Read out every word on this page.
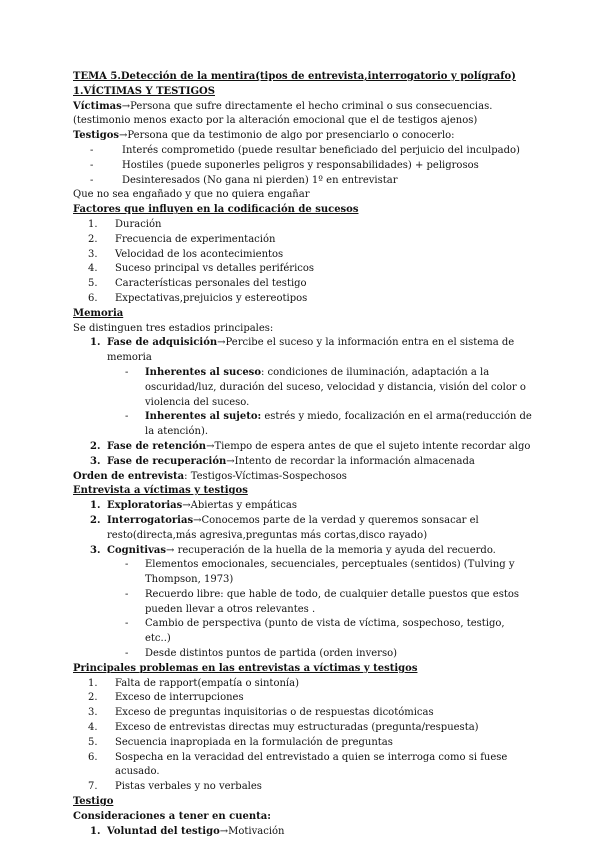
TEMA 5.Detección de la mentira(tipos de entrevista,interrogatorio y polígrafo)
1.VÍCTIMAS Y TESTIGOS
Víctimas→Persona que sufre directamente el hecho criminal o sus consecuencias. (testimonio menos exacto por la alteración emocional que el de testigos ajenos)
Testigos→Persona que da testimonio de algo por presenciarlo o conocerlo:
-	Interés comprometido (puede resultar beneficiado del perjuicio del inculpado)
-	Hostiles (puede suponerles peligros y responsabilidades) + peligrosos
-	Desinteresados (No gana ni pierden) 1º en entrevistar
Que no sea engañado y que no quiera engañar
Factores que influyen en la codificación de sucesos
1.	Duración
2.	Frecuencia de experimentación
3.	Velocidad de los acontecimientos
4.	Suceso principal vs detalles periféricos
5.	Características personales del testigo
6.	Expectativas,prejuicios y estereotipos
Memoria
Se distinguen tres estadios principales:
1. Fase de adquisición→Percibe el suceso y la información entra en el sistema de memoria
-	Inherentes al suceso: condiciones de iluminación, adaptación a la oscuridad/luz, duración del suceso, velocidad y distancia, visión del color o violencia del suceso.
-	Inherentes al sujeto: estrés y miedo, focalización en el arma(reducción de la atención).
2. Fase de retención→Tiempo de espera antes de que el sujeto intente recordar algo
3. Fase de recuperación→Intento de recordar la información almacenada
Orden de entrevista: Testigos-Víctimas-Sospechosos
Entrevista a víctimas y testigos
1. Exploratorias→Abiertas y empáticas
2. Interrogatorias→Conocemos parte de la verdad y queremos sonsacar el resto(directa,más agresiva,preguntas más cortas,disco rayado)
3. Cognitivas→ recuperación de la huella de la memoria y ayuda del recuerdo.
-	Elementos emocionales, secuenciales, perceptuales (sentidos) (Tulving y Thompson, 1973)
-	Recuerdo libre: que hable de todo, de cualquier detalle puestos que estos pueden llevar a otros relevantes .
-	Cambio de perspectiva (punto de vista de víctima, sospechoso, testigo, etc..)
-	Desde distintos puntos de partida (orden inverso)
Principales problemas en las entrevistas a víctimas y testigos
1.	Falta de rapport(empatía o sintonía)
2.	Exceso de interrupciones
3.	Exceso de preguntas inquisitorias o de respuestas dicotómicas
4.	Exceso de entrevistas directas muy estructuradas (pregunta/respuesta)
5.	Secuencia inapropiada en la formulación de preguntas
6.	Sospecha en la veracidad del entrevistado a quien se interroga como si fuese acusado.
7.	Pistas verbales y no verbales
Testigo
Consideraciones a tener en cuenta:
1. Voluntad del testigo→Motivación
